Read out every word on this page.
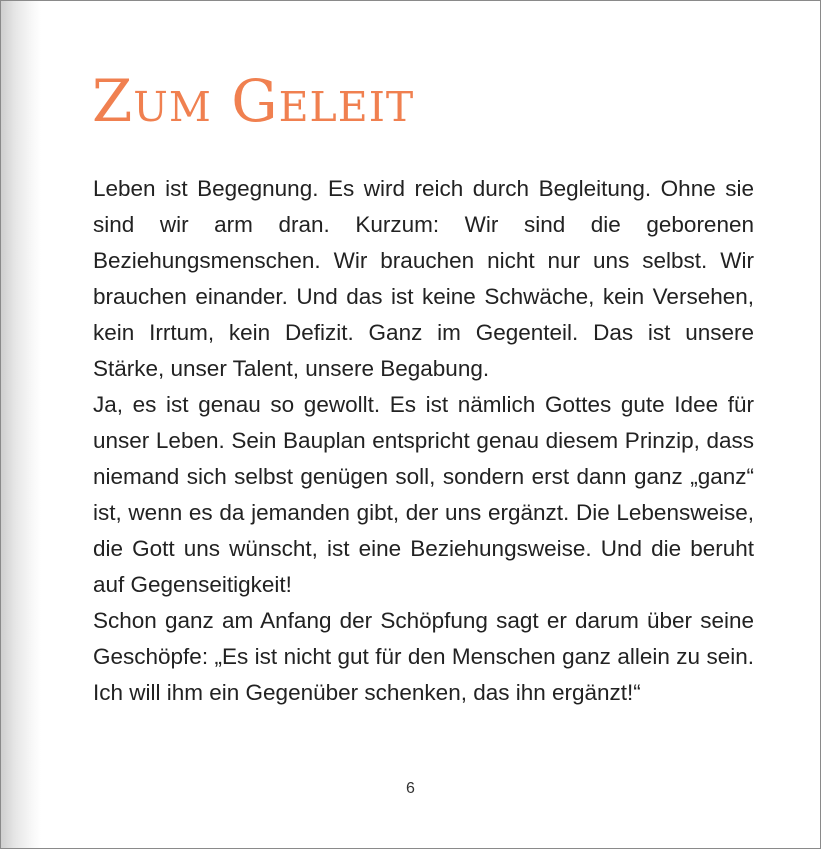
Zum Geleit

Leben ist Begegnung. Es wird reich durch Begleitung. Ohne sie sind wir arm dran. Kurzum: Wir sind die geborenen Beziehungsmenschen. Wir brauchen nicht nur uns selbst. Wir brauchen einander. Und das ist keine Schwäche, kein Versehen, kein Irrtum, kein Defizit. Ganz im Gegenteil. Das ist unsere Stärke, unser Talent, unsere Begabung.

Ja, es ist genau so gewollt. Es ist nämlich Gottes gute Idee für unser Leben. Sein Bauplan entspricht genau diesem Prinzip, dass niemand sich selbst genügen soll, sondern erst dann ganz „ganz“ ist, wenn es da jemanden gibt, der uns ergänzt. Die Lebensweise, die Gott uns wünscht, ist eine Beziehungsweise. Und die beruht auf Gegenseitigkeit!

Schon ganz am Anfang der Schöpfung sagt er darum über seine Geschöpfe: „Es ist nicht gut für den Menschen ganz allein zu sein. Ich will ihm ein Gegenüber schenken, das ihn ergänzt!“

6
